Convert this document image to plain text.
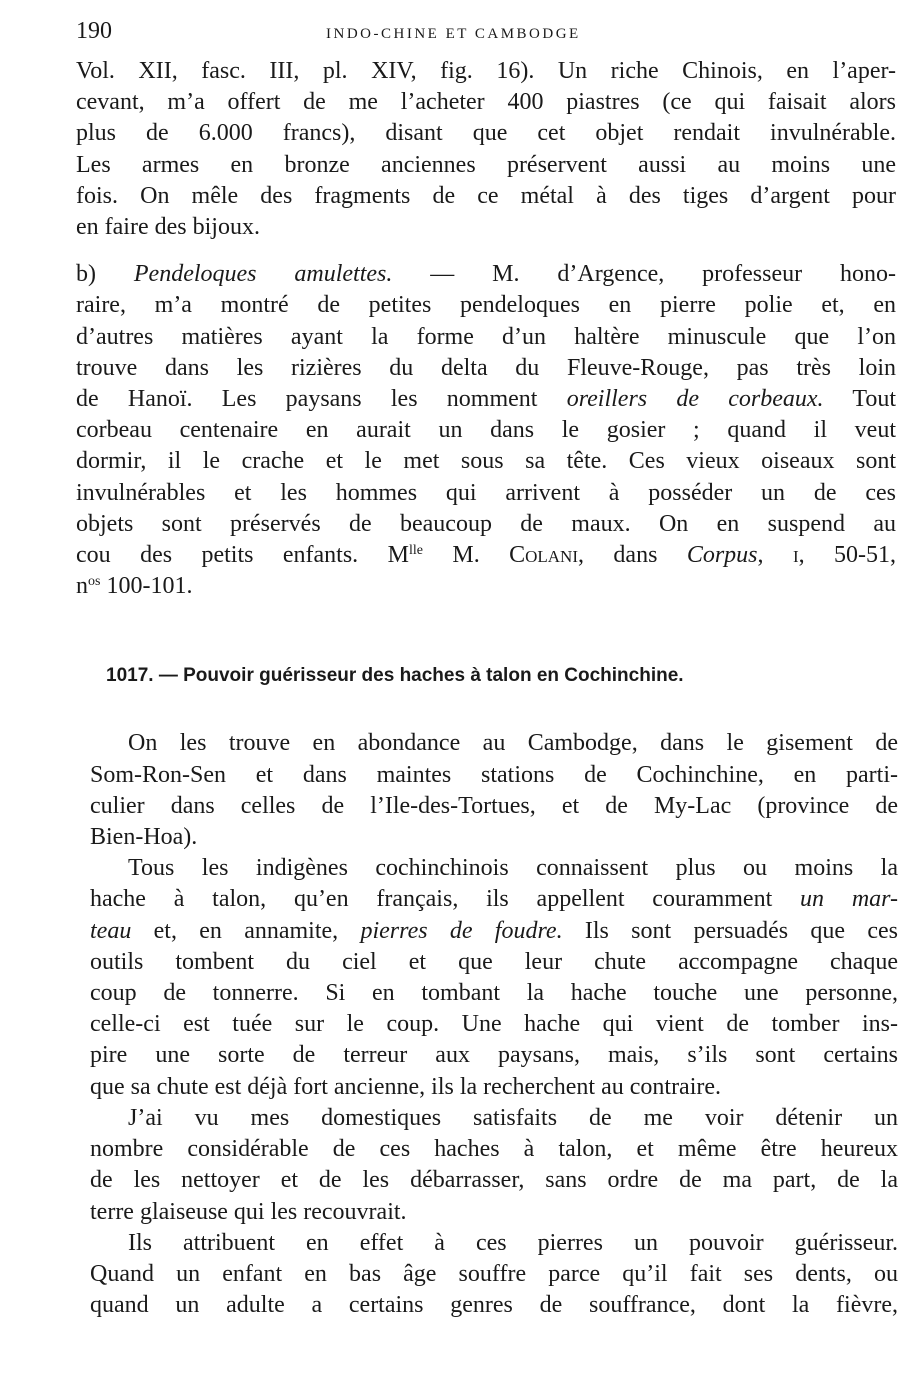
190	INDO-CHINE ET CAMBODGE

Vol. XII, fasc. III, pl. XIV, fig. 16). Un riche Chinois, en l’aper-
cevant, m’a offert de me l’acheter 400 piastres (ce qui faisait alors
plus de 6.000 francs), disant que cet objet rendait invulnérable.
Les armes en bronze anciennes préservent aussi au moins une
fois. On mêle des fragments de ce métal à des tiges d’argent pour
en faire des bijoux.

b) Pendeloques amulettes. — M. d’Argence, professeur hono-
raire, m’a montré de petites pendeloques en pierre polie et, en
d’autres matières ayant la forme d’un haltère minuscule que l’on
trouve dans les rizières du delta du Fleuve-Rouge, pas très loin
de Hanoï. Les paysans les nomment oreillers de corbeaux. Tout
corbeau centenaire en aurait un dans le gosier ; quand il veut
dormir, il le crache et le met sous sa tête. Ces vieux oiseaux sont
invulnérables et les hommes qui arrivent à posséder un de ces
objets sont préservés de beaucoup de maux. On en suspend au
cou des petits enfants. $M^{lle}$ M. Colani, dans Corpus, i, 50-51,
$n^{os}$ 100-101.

1017. — Pouvoir guérisseur des haches à talon en Cochinchine.

On les trouve en abondance au Cambodge, dans le gisement de
Som-Ron-Sen et dans maintes stations de Cochinchine, en parti-
culier dans celles de l’Ile-des-Tortues, et de My-Lac (province de
Bien-Hoa).

Tous les indigènes cochinchinois connaissent plus ou moins la
hache à talon, qu’en français, ils appellent couramment un mar-
teau et, en annamite, pierres de foudre. Ils sont persuadés que ces
outils tombent du ciel et que leur chute accompagne chaque
coup de tonnerre. Si en tombant la hache touche une personne,
celle-ci est tuée sur le coup. Une hache qui vient de tomber ins-
pire une sorte de terreur aux paysans, mais, s’ils sont certains
que sa chute est déjà fort ancienne, ils la recherchent au contraire.

J’ai vu mes domestiques satisfaits de me voir détenir un
nombre considérable de ces haches à talon, et même être heureux
de les nettoyer et de les débarrasser, sans ordre de ma part, de la
terre glaiseuse qui les recouvrait.

Ils attribuent en effet à ces pierres un pouvoir guérisseur.
Quand un enfant en bas âge souffre parce qu’il fait ses dents, ou
quand un adulte a certains genres de souffrance, dont la fièvre,
